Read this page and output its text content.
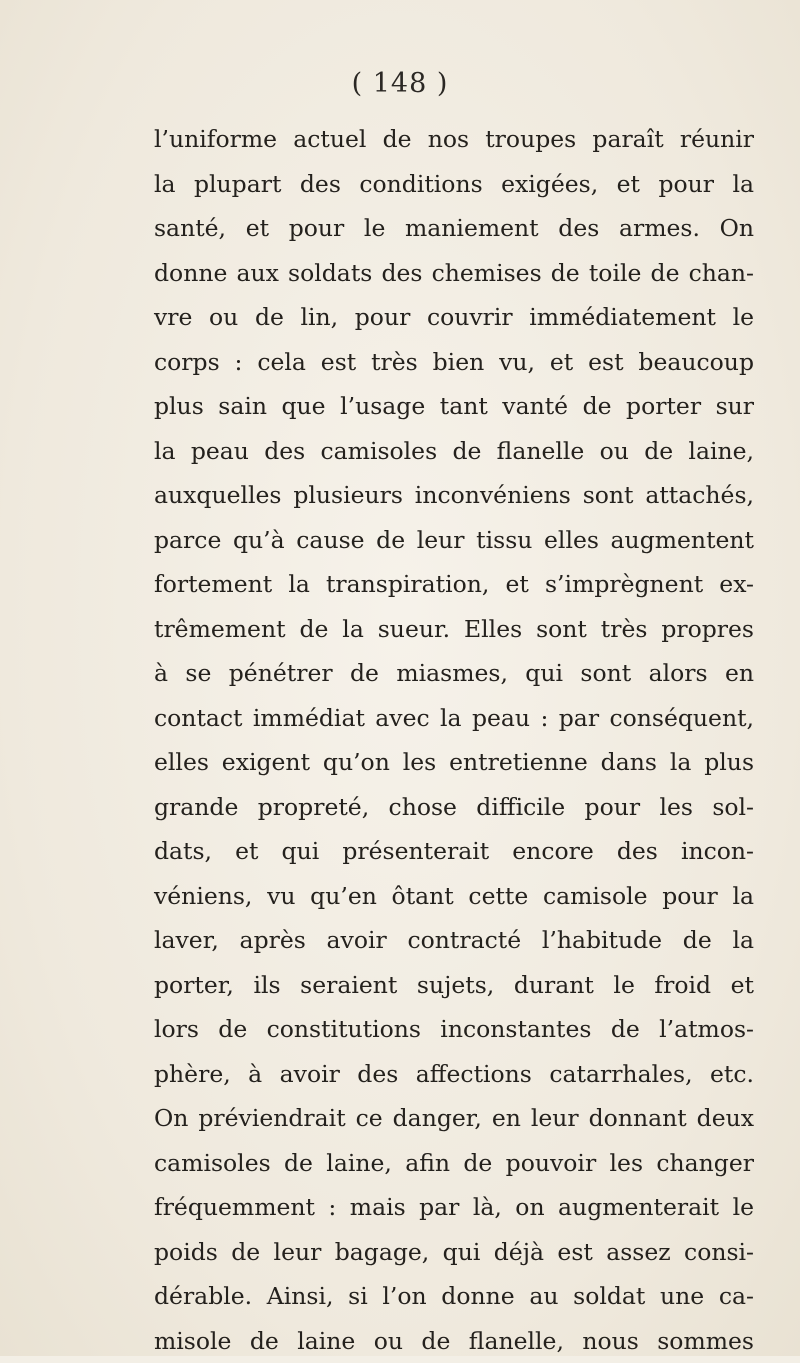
( 148 )
l’uniforme actuel de nos troupes paraît réunir
la plupart des conditions exigées, et pour la
santé, et pour le maniement des armes. On
donne aux soldats des chemises de toile de chan-
vre ou de lin, pour couvrir immédiatement le
corps : cela est très bien vu, et est beaucoup
plus sain que l’usage tant vanté de porter sur
la peau des camisoles de flanelle ou de laine,
auxquelles plusieurs inconvéniens sont attachés,
parce qu’à cause de leur tissu elles augmentent
fortement la transpiration, et s’imprègnent ex-
trêmement de la sueur. Elles sont très propres
à se pénétrer de miasmes, qui sont alors en
contact immédiat avec la peau : par conséquent,
elles exigent qu’on les entretienne dans la plus
grande propreté, chose difficile pour les sol-
dats, et qui présenterait encore des incon-
véniens, vu qu’en ôtant cette camisole pour la
laver, après avoir contracté l’habitude de la
porter, ils seraient sujets, durant le froid et
lors de constitutions inconstantes de l’atmos-
phère, à avoir des affections catarrhales, etc.
On préviendrait ce danger, en leur donnant deux
camisoles de laine, afin de pouvoir les changer
fréquemment : mais par là, on augmenterait le
poids de leur bagage, qui déjà est assez consi-
dérable. Ainsi, si l’on donne au soldat une ca-
misole de laine ou de flanelle, nous sommes
